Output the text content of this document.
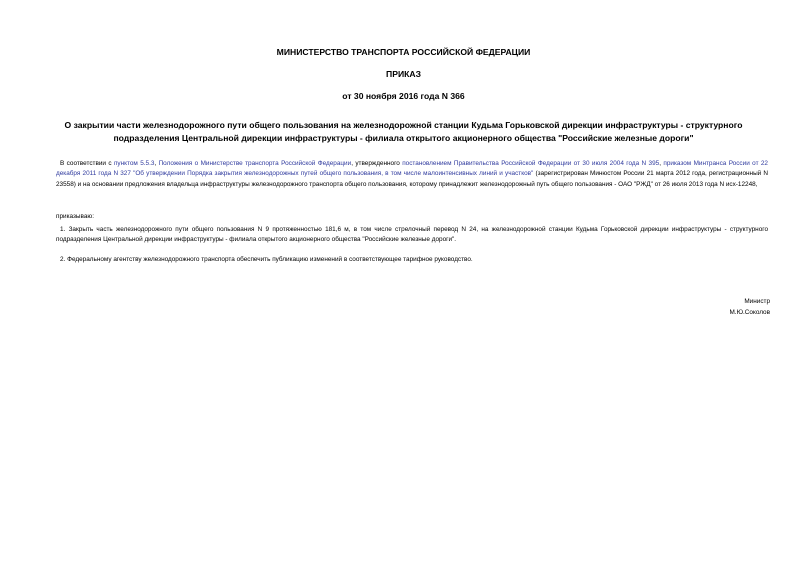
МИНИСТЕРСТВО ТРАНСПОРТА РОССИЙСКОЙ ФЕДЕРАЦИИ
ПРИКАЗ
от 30 ноября 2016 года N 366
О закрытии части железнодорожного пути общего пользования на железнодорожной станции Кудьма Горьковской дирекции инфраструктуры - структурного подразделения Центральной дирекции инфраструктуры - филиала открытого акционерного общества "Российские железные дороги"

В соответствии с пунктом 5.5.3, Положения о Министерстве транспорта Российской Федерации, утвержденного постановлением Правительства Российской Федерации от 30 июля 2004 года N 395, приказом Минтранса России от 22 декабря 2011 года N 327 "Об утверждении Порядка закрытия железнодорожных путей общего пользования, в том числе малоинтенсивных линий и участков" (зарегистрирован Минюстом России 21 марта 2012 года, регистрационный N 23558) и на основании предложения владельца инфраструктуры железнодорожного транспорта общего пользования, которому принадлежит железнодорожный путь общего пользования - ОАО "РЖД" от 26 июля 2013 года N исх-12248,

приказываю:

1. Закрыть часть железнодорожного пути общего пользования N 9 протяженностью 181,6 м, в том числе стрелочный перевод N 24, на железнодорожной станции Кудьма Горьковской дирекции инфраструктуры - структурного подразделения Центральной дирекции инфраструктуры - филиала открытого акционерного общества "Российские железные дороги".

2. Федеральному агентству железнодорожного транспорта обеспечить публикацию изменений в соответствующее тарифное руководство.

Министр
М.Ю.Соколов
